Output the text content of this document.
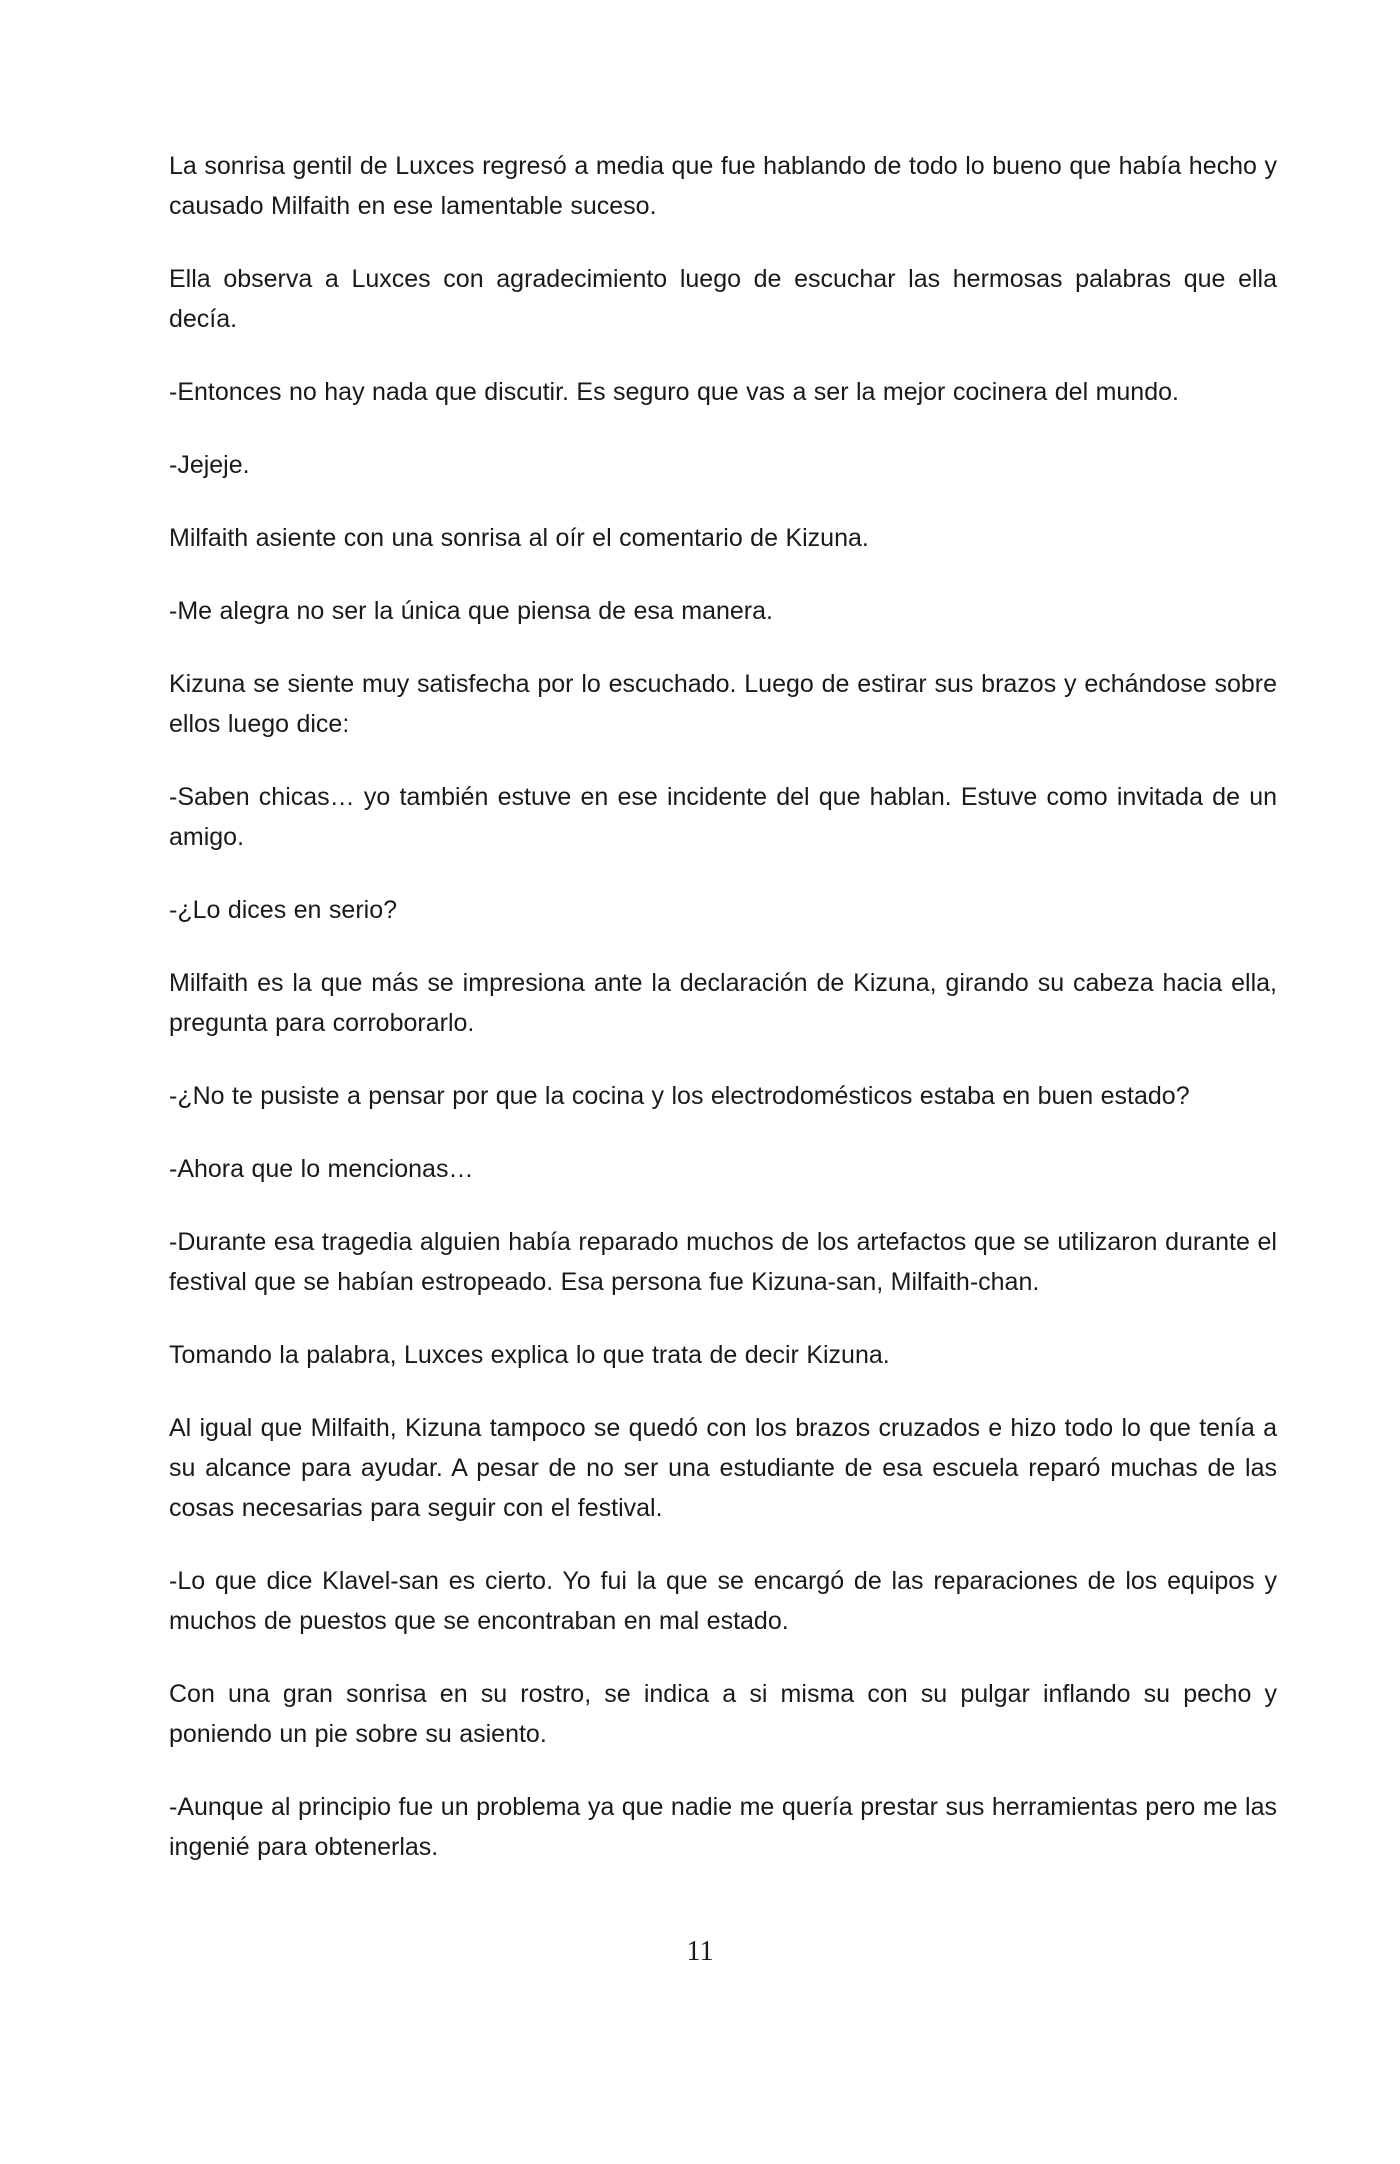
La sonrisa gentil de Luxces regresó a media que fue hablando de todo lo bueno que había hecho y causado Milfaith en ese lamentable suceso.

Ella observa a Luxces con agradecimiento luego de escuchar las hermosas palabras que ella decía.

-Entonces no hay nada que discutir. Es seguro que vas a ser la mejor cocinera del mundo.

-Jejeje.

Milfaith asiente con una sonrisa al oír el comentario de Kizuna.

-Me alegra no ser la única que piensa de esa manera.

Kizuna se siente muy satisfecha por lo escuchado. Luego de estirar sus brazos y echándose sobre ellos luego dice:

-Saben chicas… yo también estuve en ese incidente del que hablan. Estuve como invitada de un amigo.

-¿Lo dices en serio?

Milfaith es la que más se impresiona ante la declaración de Kizuna, girando su cabeza hacia ella, pregunta para corroborarlo.

-¿No te pusiste a pensar por que la cocina y los electrodomésticos estaba en buen estado?

-Ahora que lo mencionas…

-Durante esa tragedia alguien había reparado muchos de los artefactos que se utilizaron durante el festival que se habían estropeado. Esa persona fue Kizuna-san, Milfaith-chan.

Tomando la palabra, Luxces explica lo que trata de decir Kizuna.

Al igual que Milfaith, Kizuna tampoco se quedó con los brazos cruzados e hizo todo lo que tenía a su alcance para ayudar. A pesar de no ser una estudiante de esa escuela reparó muchas de las cosas necesarias para seguir con el festival.

-Lo que dice Klavel-san es cierto. Yo fui la que se encargó de las reparaciones de los equipos y muchos de puestos que se encontraban en mal estado.

Con una gran sonrisa en su rostro, se indica a si misma con su pulgar inflando su pecho y poniendo un pie sobre su asiento.

-Aunque al principio fue un problema ya que nadie me quería prestar sus herramientas pero me las ingenié para obtenerlas.

11
